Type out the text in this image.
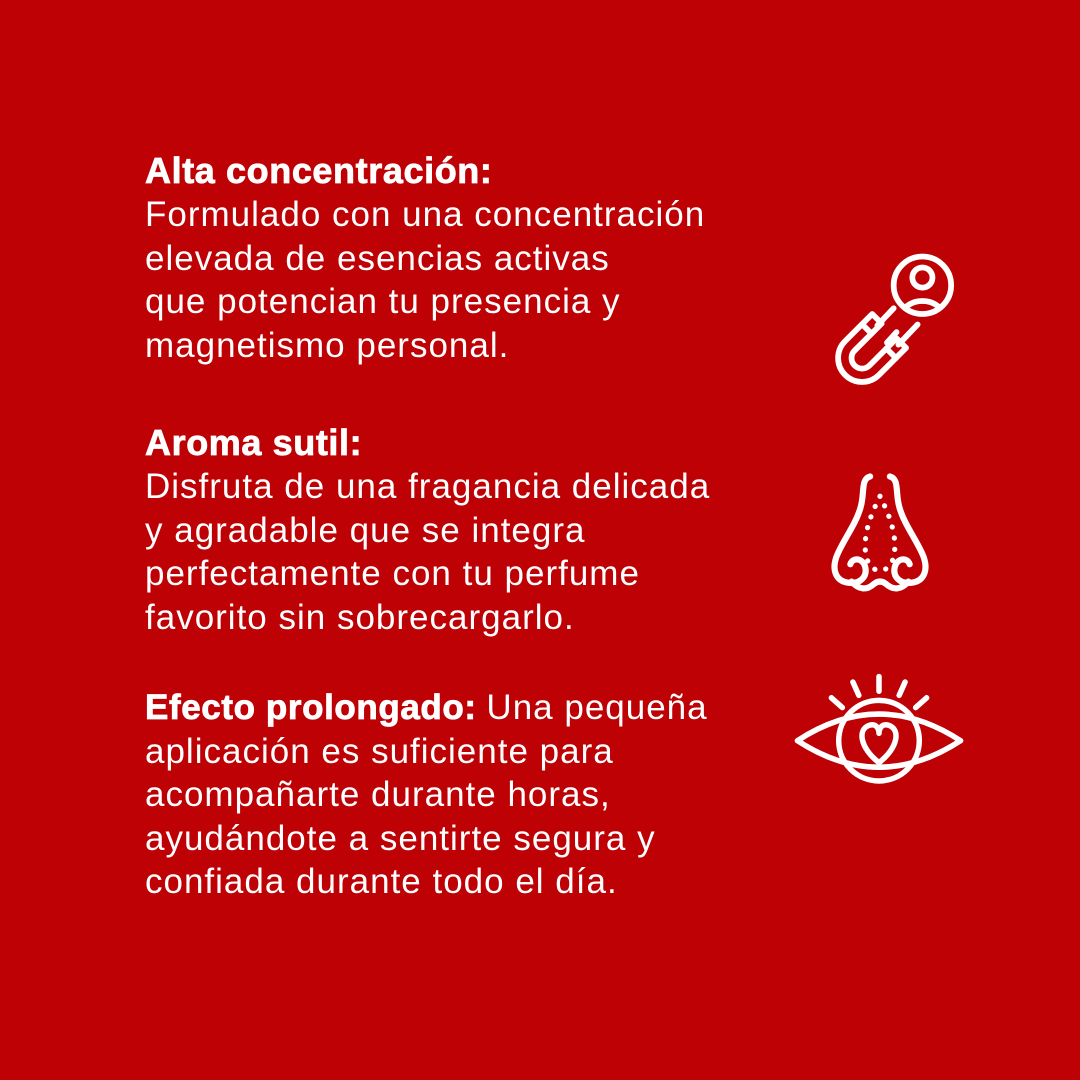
Alta concentración:
Formulado con una concentración
elevada de esencias activas
que potencian tu presencia y
magnetismo personal.
Aroma sutil:
Disfruta de una fragancia delicada
y agradable que se integra
perfectamente con tu perfume
favorito sin sobrecargarlo.
Efecto prolongado: Una pequeña
aplicación es suficiente para
acompañarte durante horas,
ayudándote a sentirte segura y
confiada durante todo el día.
